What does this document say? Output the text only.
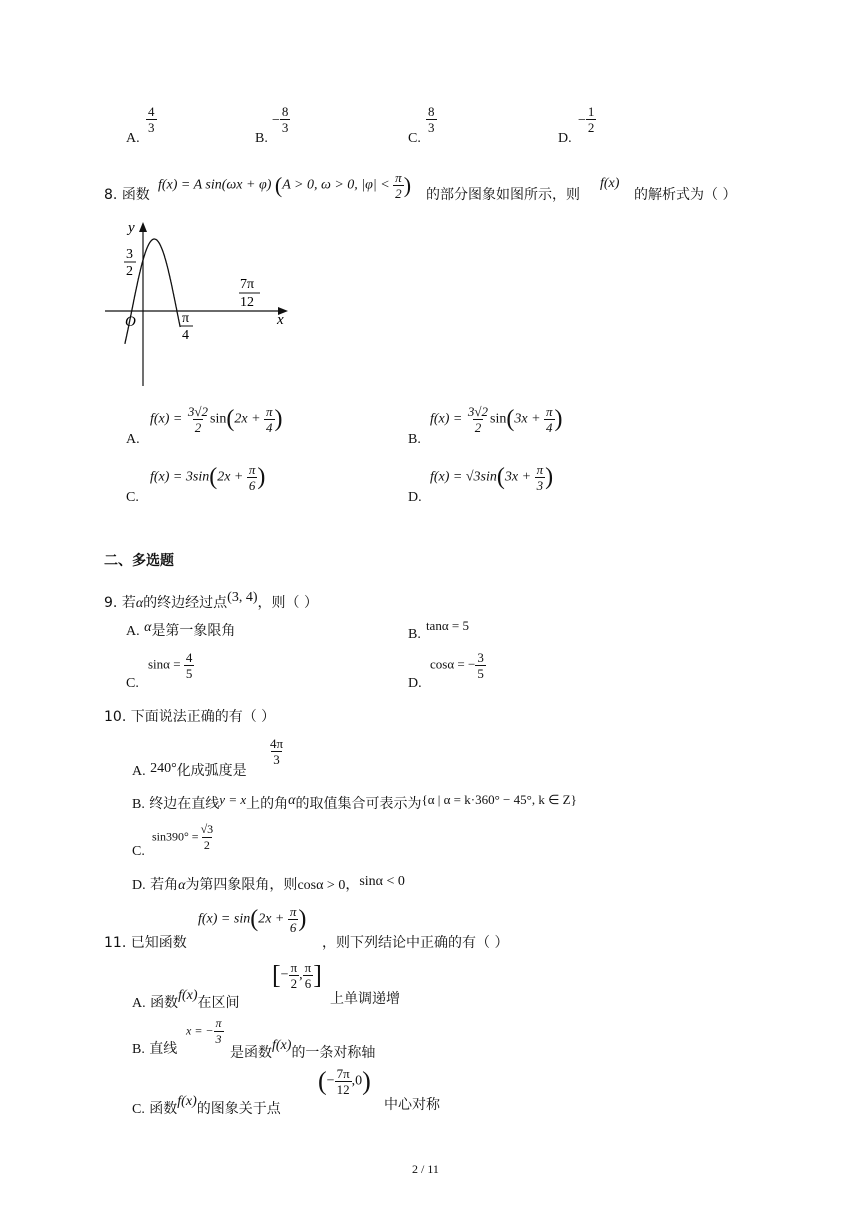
A.
$\frac{4}{3}$
B.
− $\frac{8}{3}$
C.
$\frac{8}{3}$
D.
− $\frac{1}{2}$
8. 函数
f(x) = A sin(ωx + φ) (A > 0, ω > 0, $|\varphi| < \frac{\pi}{2}$ ) 的部分图象如图所示，则
f(x)
的解析式为（ ）
y
x
O
3
2
π
4
7π
12
A.
$f(x) = \frac{3√2}{2} \sin(2x + \frac{\pi}{4}$ )
B.
$f(x) = \frac{3√2}{2} \sin(3x + \frac{\pi}{4}$ )
C.
$f(x) = 3\sin(2x + \frac{\pi}{6}$ )
D.
$f(x) = √3\sin(3x + \frac{\pi}{3}$ )
二、多选题
9. 若α的终边经过点(3, 4)，则（ ）
A. α是第一象限角	B. $^{tan\alpha = 5}$
C.
$\sin\alpha = \frac{4}{5}$
D.
cosα = − $\frac{3}{5}$
10. 下面说法正确的有（ ）
A. 240°化成弧度是
$\frac{4\pi}{3}$
B. 终边在直线y = x上的角α的取值集合可表示为{α | α = k·360° − 45°, k ∈ Z}
C.
$\sin 390^\circ = \frac{√3}{2}$
D. 若角α为第四象限角，则cosα > 0，sinα < 0
11. 已知函数
$f(x) = \sin(2x + \frac{\pi}{6}$ )
，则下列结论中正确的有（ ）
A. 函数f(x)在区间
[− $\frac{\pi}{2}$ , $\frac{\pi}{6}$ ]
上单调递增
B. 直线
x = − $\frac{\pi}{3}$
是函数f(x)的一条对称轴
C. 函数f(x)的图象关于点
(− $\frac{7\pi}{12} ,0$)
中心对称
2 / 11
